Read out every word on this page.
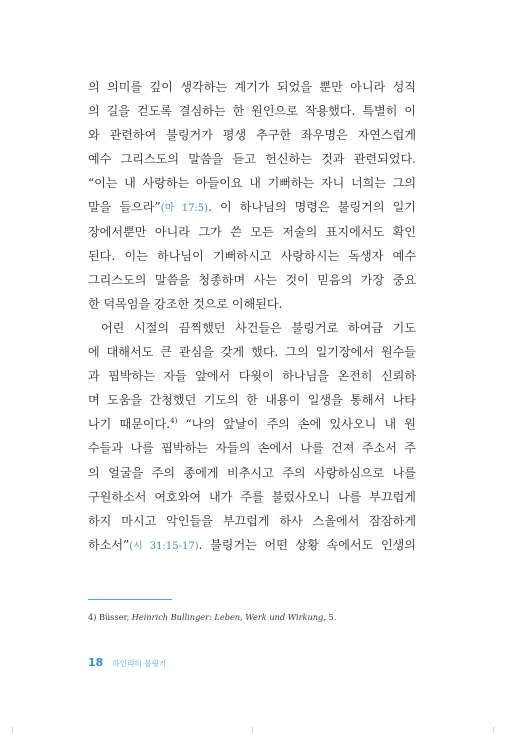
의 의미를 깊이 생각하는 계기가 되었을 뿐만 아니라 성직
의 길을 걷도록 결심하는 한 원인으로 작용했다. 특별히 이
와 관련하여 불링거가 평생 추구한 좌우명은 자연스럽게
예수 그리스도의 말씀을 듣고 헌신하는 것과 관련되었다.
“이는 내 사랑하는 아들이요 내 기뻐하는 자니 너희는 그의
말을 들으라”(마 17:5). 이 하나님의 명령은 불링거의 일기
장에서뿐만 아니라 그가 쓴 모든 저술의 표지에서도 확인
된다. 이는 하나님이 기뻐하시고 사랑하시는 독생자 예수
그리스도의 말씀을 청종하며 사는 것이 믿음의 가장 중요
한 덕목임을 강조한 것으로 이해된다.
어린 시절의 끔찍했던 사건들은 불링거로 하여금 기도
에 대해서도 큰 관심을 갖게 했다. 그의 일기장에서 원수들
과 핍박하는 자들 앞에서 다윗이 하나님을 온전히 신뢰하
며 도움을 간청했던 기도의 한 내용이 일생을 통해서 나타
나기 때문이다.$^{4)}$ “나의 앞날이 주의 손에 있사오니 내 원
수들과 나를 핍박하는 자들의 손에서 나를 건져 주소서 주
의 얼굴을 주의 종에게 비추시고 주의 사랑하심으로 나를
구원하소서 여호와여 내가 주를 불렀사오니 나를 부끄럽게
하지 마시고 악인들을 부끄럽게 하사 스올에서 잠잠하게
하소서”(시 31:15-17). 불링거는 어떤 상황 속에서도 인생의
4) Büsser, Heinrich Bullinger: Leben, Werk und Wirkung, 5.
18 하인리히 불링거
